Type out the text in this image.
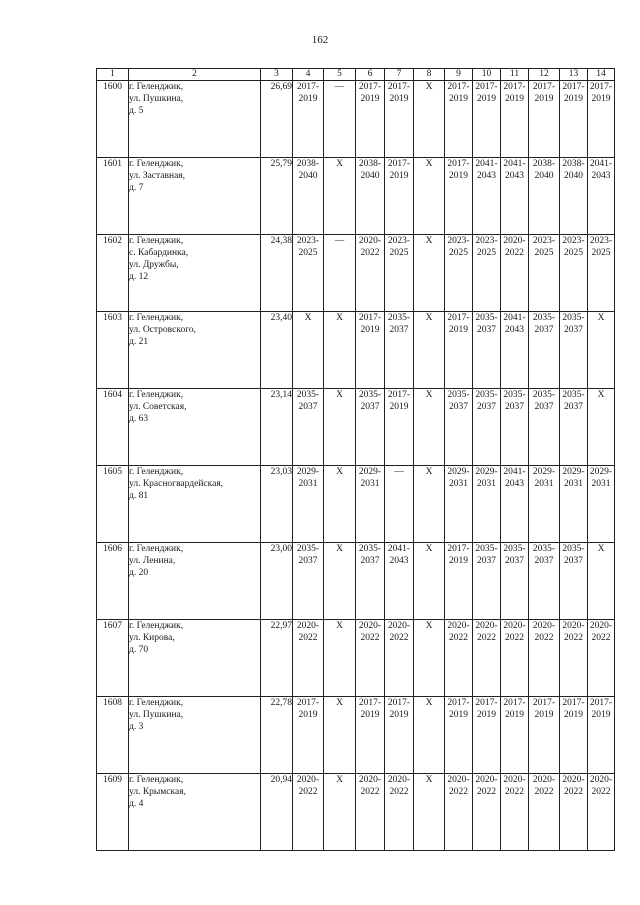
162
1	2	3	4	5	6	7	8	9	10	11	12	13	14
1600	г. Геленджик,
ул. Пушкина,
д. 5	26,69	2017-
2019	—	2017-
2019	2017-
2019	X	2017-
2019	2017-
2019	2017-
2019	2017-
2019	2017-
2019	2017-
2019
1601	г. Геленджик,
ул. Заставная,
д. 7	25,79	2038-
2040	X	2038-
2040	2017-
2019	X	2017-
2019	2041-
2043	2041-
2043	2038-
2040	2038-
2040	2041-
2043
1602	г. Геленджик,
с. Кабардинка,
ул. Дружбы,
д. 12	24,38	2023-
2025	—	2020-
2022	2023-
2025	X	2023-
2025	2023-
2025	2020-
2022	2023-
2025	2023-
2025	2023-
2025
1603	г. Геленджик,
ул. Островского,
д. 21	23,40	X	X	2017-
2019	2035-
2037	X	2017-
2019	2035-
2037	2041-
2043	2035-
2037	2035-
2037	X
1604	г. Геленджик,
ул. Советская,
д. 63	23,14	2035-
2037	X	2035-
2037	2017-
2019	X	2035-
2037	2035-
2037	2035-
2037	2035-
2037	2035-
2037	X
1605	г. Геленджик,
ул. Красногвардейская,
д. 81	23,03	2029-
2031	X	2029-
2031	—	X	2029-
2031	2029-
2031	2041-
2043	2029-
2031	2029-
2031	2029-
2031
1606	г. Геленджик,
ул. Ленина,
д. 20	23,00	2035-
2037	X	2035-
2037	2041-
2043	X	2017-
2019	2035-
2037	2035-
2037	2035-
2037	2035-
2037	X
1607	г. Геленджик,
ул. Кирова,
д. 70	22,97	2020-
2022	X	2020-
2022	2020-
2022	X	2020-
2022	2020-
2022	2020-
2022	2020-
2022	2020-
2022	2020-
2022
1608	г. Геленджик,
ул. Пушкина,
д. 3	22,78	2017-
2019	X	2017-
2019	2017-
2019	X	2017-
2019	2017-
2019	2017-
2019	2017-
2019	2017-
2019	2017-
2019
1609	г. Геленджик,
ул. Крымская,
д. 4	20,94	2020-
2022	X	2020-
2022	2020-
2022	X	2020-
2022	2020-
2022	2020-
2022	2020-
2022	2020-
2022	2020-
2022
